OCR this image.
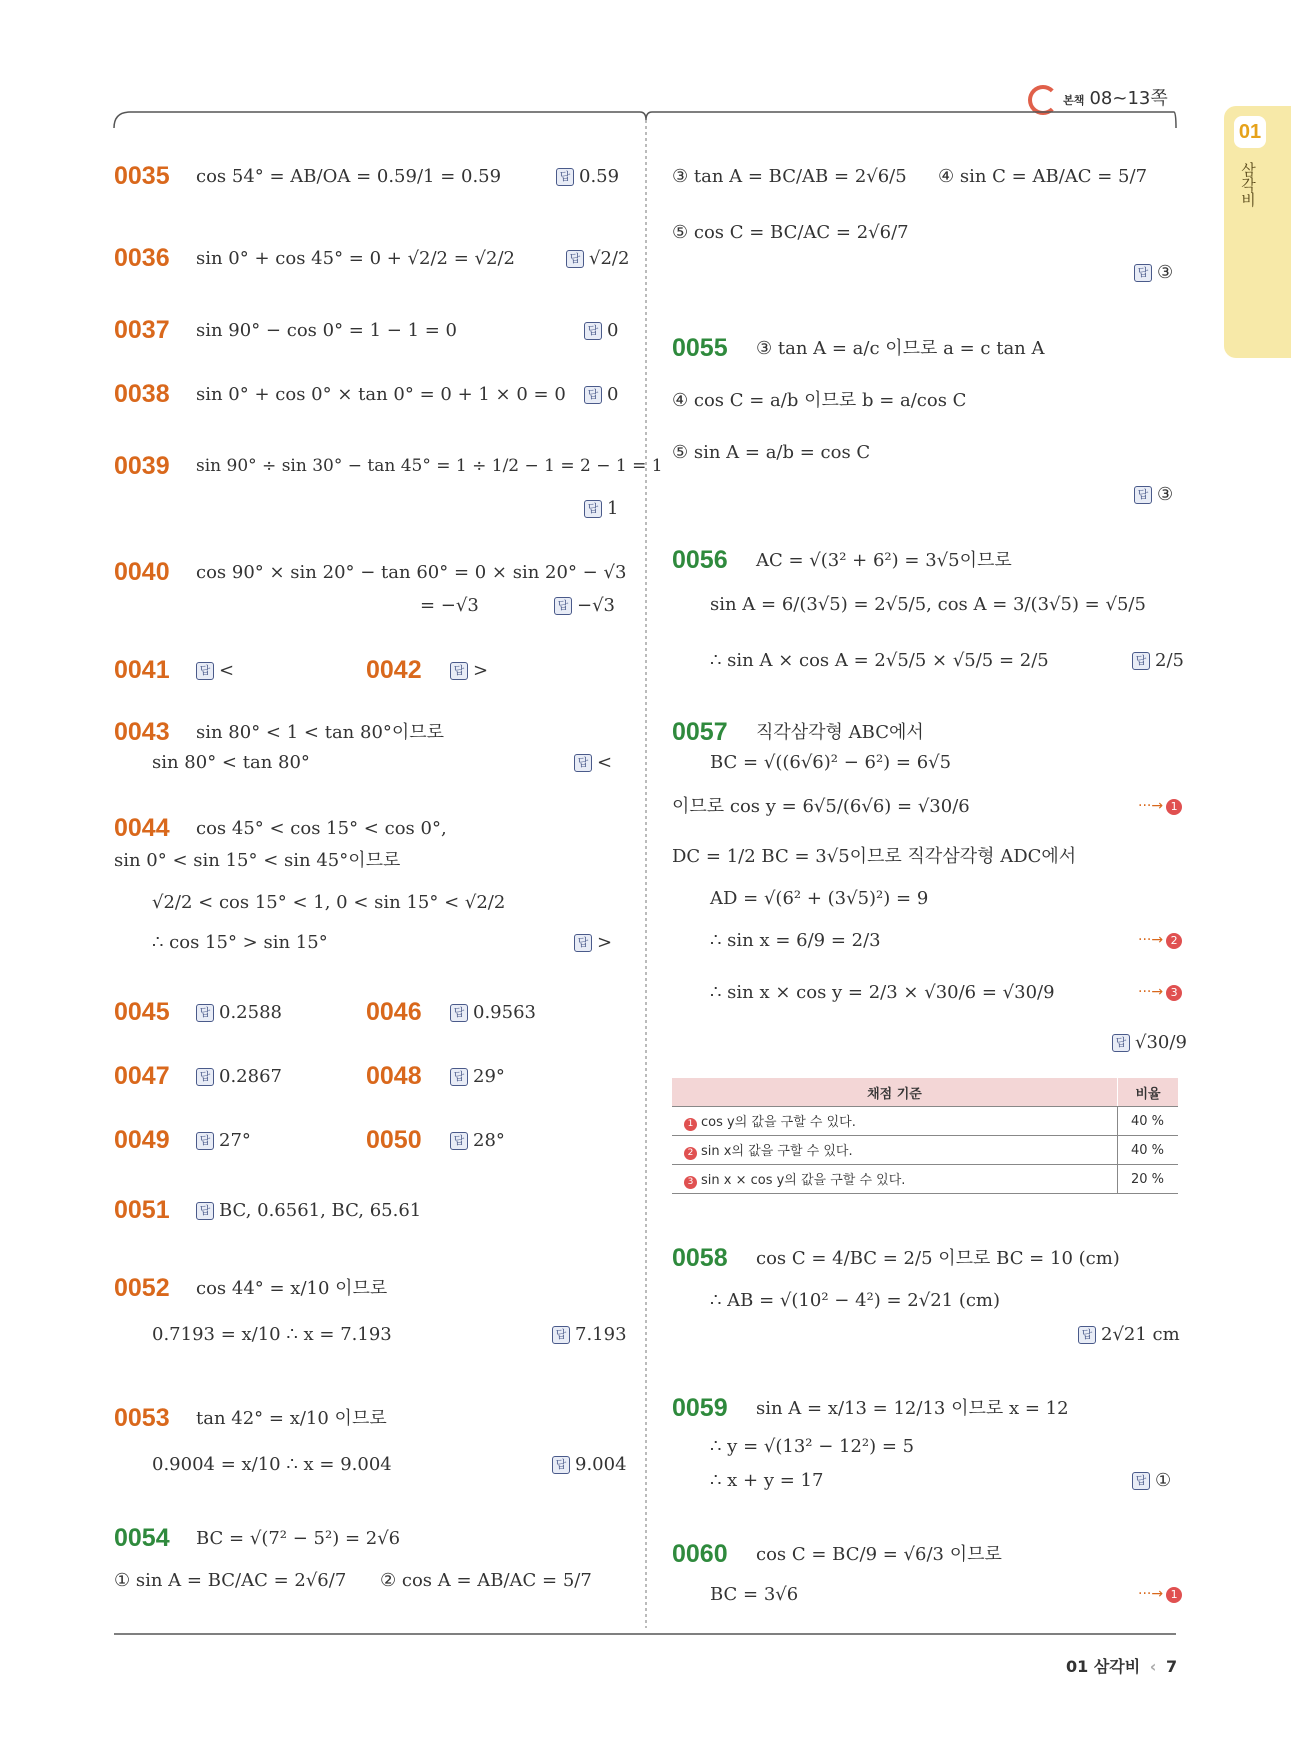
본책 08~13쪽
01
삼각비
0035 cos 54° = AB/OA = 0.59/1 = 0.59	답 0.59
0036 sin 0° + cos 45° = 0 + √2/2 = √2/2	답 √2/2
0037 sin 90° − cos 0° = 1 − 1 = 0	답 0
0038 sin 0° + cos 0° × tan 0° = 0 + 1 × 0 = 0	답 0
0039 sin 90° ÷ sin 30° − tan 45° = 1 ÷ 1/2 − 1 = 2 − 1 = 1
답 1
0040 cos 90° × sin 20° − tan 60° = 0 × sin 20° − √3
= −√3	답 −√3
0041	답 <	0042	답 >
0043 sin 80° < 1 < tan 80°이므로
sin 80° < tan 80°	답 <
0044 cos 45° < cos 15° < cos 0°,
sin 0° < sin 15° < sin 45°이므로
√2/2 < cos 15° < 1, 0 < sin 15° < √2/2
∴ cos 15° > sin 15°	답 >
0045	답 0.2588	0046	답 0.9563
0047	답 0.2867	0048	답 29°
0049	답 27°	0050	답 28°
0051	답 BC, 0.6561, BC, 65.61
0052 cos 44° = x/10 이므로
0.7193 = x/10 ∴ x = 7.193	답 7.193
0053 tan 42° = x/10 이므로
0.9004 = x/10 ∴ x = 9.004	답 9.004
0054 BC = √(7² − 5²) = 2√6
① sin A = BC/AC = 2√6/7 ② cos A = AB/AC = 5/7
③ tan A = BC/AB = 2√6/5 ④ sin C = AB/AC = 5/7
⑤ cos C = BC/AC = 2√6/7
답 ③
0055 ③ tan A = a/c 이므로 a = c tan A
④ cos C = a/b 이므로 b = a/cos C
⑤ sin A = a/b = cos C
답 ③
0056 AC = √(3² + 6²) = 3√5이므로
sin A = 6/(3√5) = 2√5/5, cos A = 3/(3√5) = √5/5
∴ sin A × cos A = 2√5/5 × √5/5 = 2/5	답 2/5
0057 직각삼각형 ABC에서
BC = √((6√6)² − 6²) = 6√5
이므로 cos y = 6√5/(6√6) = √30/6	···→ 1
DC = 1/2 BC = 3√5이므로 직각삼각형 ADC에서
AD = √(6² + (3√5)²) = 9
∴ sin x = 6/9 = 2/3	···→ 2
∴ sin x × cos y = 2/3 × √30/6 = √30/9	···→ 3
답 √30/9
채점 기준	비율
1 cos y의 값을 구할 수 있다.	40 %
2 sin x의 값을 구할 수 있다.	40 %
3 sin x × cos y의 값을 구할 수 있다.	20 %
0058 cos C = 4/BC = 2/5 이므로 BC = 10 (cm)
∴ AB = √(10² − 4²) = 2√21 (cm)
답 2√21 cm
0059 sin A = x/13 = 12/13 이므로 x = 12
∴ y = √(13² − 12²) = 5
∴ x + y = 17	답 ①
0060 cos C = BC/9 = √6/3 이므로
BC = 3√6	···→ 1
01 삼각비 ‹ 7
